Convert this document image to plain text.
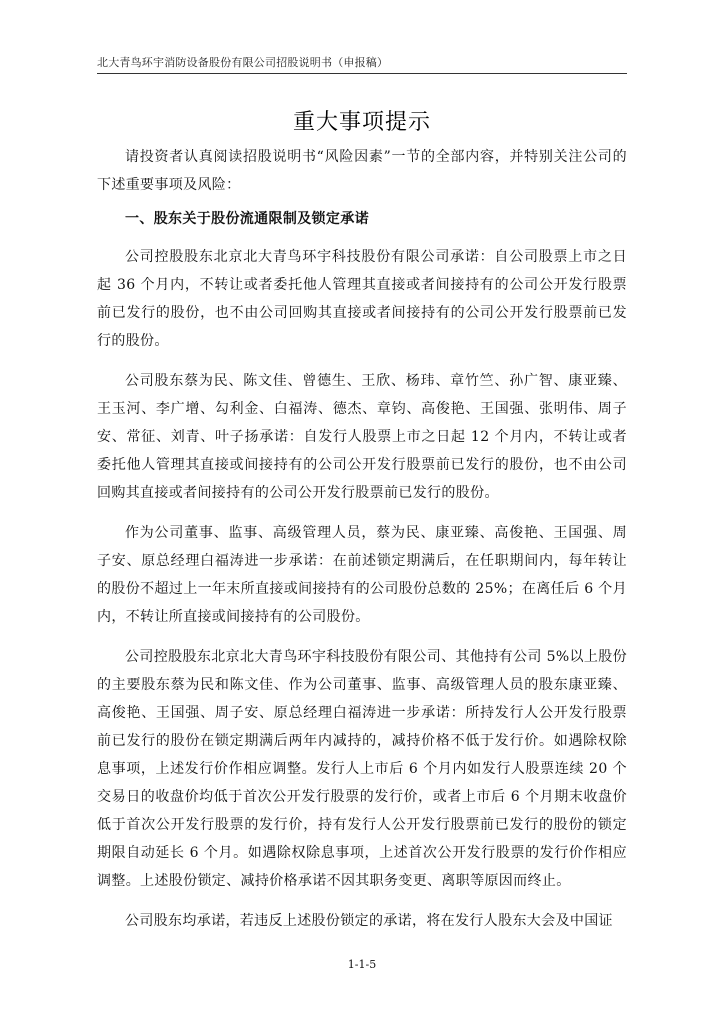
北大青鸟环宇消防设备股份有限公司招股说明书（申报稿）
重大事项提示

请投资者认真阅读招股说明书“风险因素”一节的全部内容，并特别关注公司的下述重要事项及风险：

一、股东关于股份流通限制及锁定承诺

公司控股股东北京北大青鸟环宇科技股份有限公司承诺：自公司股票上市之日起 36 个月内，不转让或者委托他人管理其直接或者间接持有的公司公开发行股票前已发行的股份，也不由公司回购其直接或者间接持有的公司公开发行股票前已发行的股份。

公司股东蔡为民、陈文佳、曾德生、王欣、杨玮、章竹竺、孙广智、康亚臻、王玉河、李广增、勾利金、白福涛、德杰、章钧、高俊艳、王国强、张明伟、周子安、常征、刘青、叶子扬承诺：自发行人股票上市之日起 12 个月内，不转让或者委托他人管理其直接或间接持有的公司公开发行股票前已发行的股份，也不由公司回购其直接或者间接持有的公司公开发行股票前已发行的股份。

作为公司董事、监事、高级管理人员，蔡为民、康亚臻、高俊艳、王国强、周子安、原总经理白福涛进一步承诺：在前述锁定期满后，在任职期间内，每年转让的股份不超过上一年末所直接或间接持有的公司股份总数的 25%；在离任后 6 个月内，不转让所直接或间接持有的公司股份。

公司控股股东北京北大青鸟环宇科技股份有限公司、其他持有公司 5%以上股份的主要股东蔡为民和陈文佳、作为公司董事、监事、高级管理人员的股东康亚臻、高俊艳、王国强、周子安、原总经理白福涛进一步承诺：所持发行人公开发行股票前已发行的股份在锁定期满后两年内减持的，减持价格不低于发行价。如遇除权除息事项，上述发行价作相应调整。发行人上市后 6 个月内如发行人股票连续 20 个交易日的收盘价均低于首次公开发行股票的发行价，或者上市后 6 个月期末收盘价低于首次公开发行股票的发行价，持有发行人公开发行股票前已发行的股份的锁定期限自动延长 6 个月。如遇除权除息事项，上述首次公开发行股票的发行价作相应调整。上述股份锁定、减持价格承诺不因其职务变更、离职等原因而终止。

公司股东均承诺，若违反上述股份锁定的承诺，将在发行人股东大会及中国证

1-1-5
